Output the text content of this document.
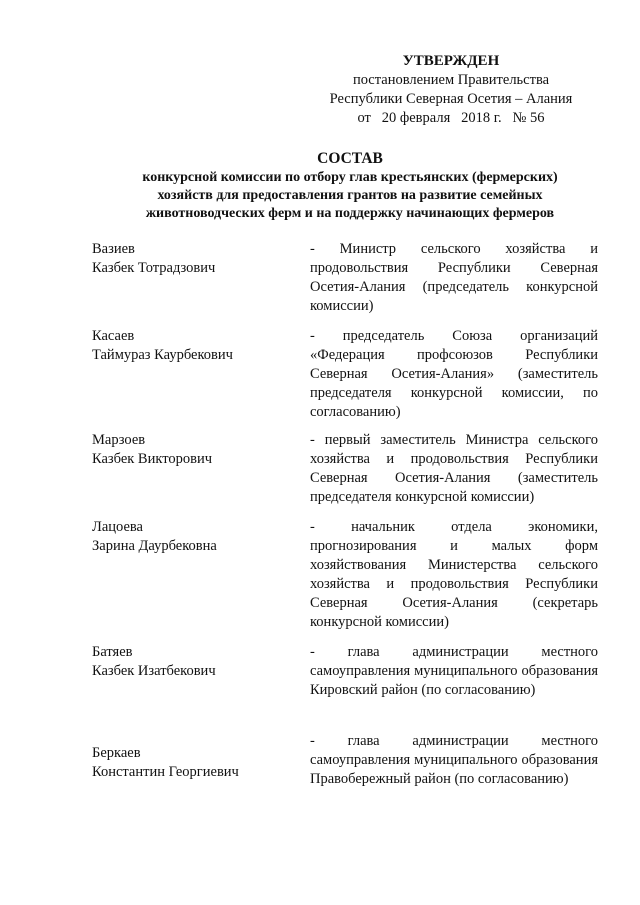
УТВЕРЖДЕН
постановлением Правительства
Республики Северная Осетия – Алания
от   20 февраля   2018 г.   № 56
СОСТАВ
конкурсной комиссии по отбору глав крестьянских (фермерских)
хозяйств для предоставления грантов на развитие семейных
животноводческих ферм и на поддержку начинающих фермеров
Вазиев
Казбек Тотрадзович
- Министр сельского хозяйства и продовольствия Республики Северная Осетия-Алания (председатель конкурсной комиссии)
Касаев
Таймураз Каурбекович
- председатель Союза организаций «Федерация профсоюзов Республики Северная Осетия-Алания» (заместитель председателя конкурсной комиссии, по согласованию)
Марзоев
Казбек Викторович
- первый заместитель Министра сельского хозяйства и продовольствия Республики Северная Осетия-Алания (заместитель председателя конкурсной комиссии)
Лацоева
Зарина Даурбековна
- начальник отдела экономики, прогнозирования и малых форм хозяйствования Министерства сельского хозяйства и продовольствия Республики Северная Осетия-Алания (секретарь конкурсной комиссии)
Батяев
Казбек Изатбекович
- глава администрации местного самоуправления муниципального образования Кировский район (по согласованию)
Беркаев
Константин Георгиевич
- глава администрации местного самоуправления муниципального образования Правобережный район (по согласованию)
